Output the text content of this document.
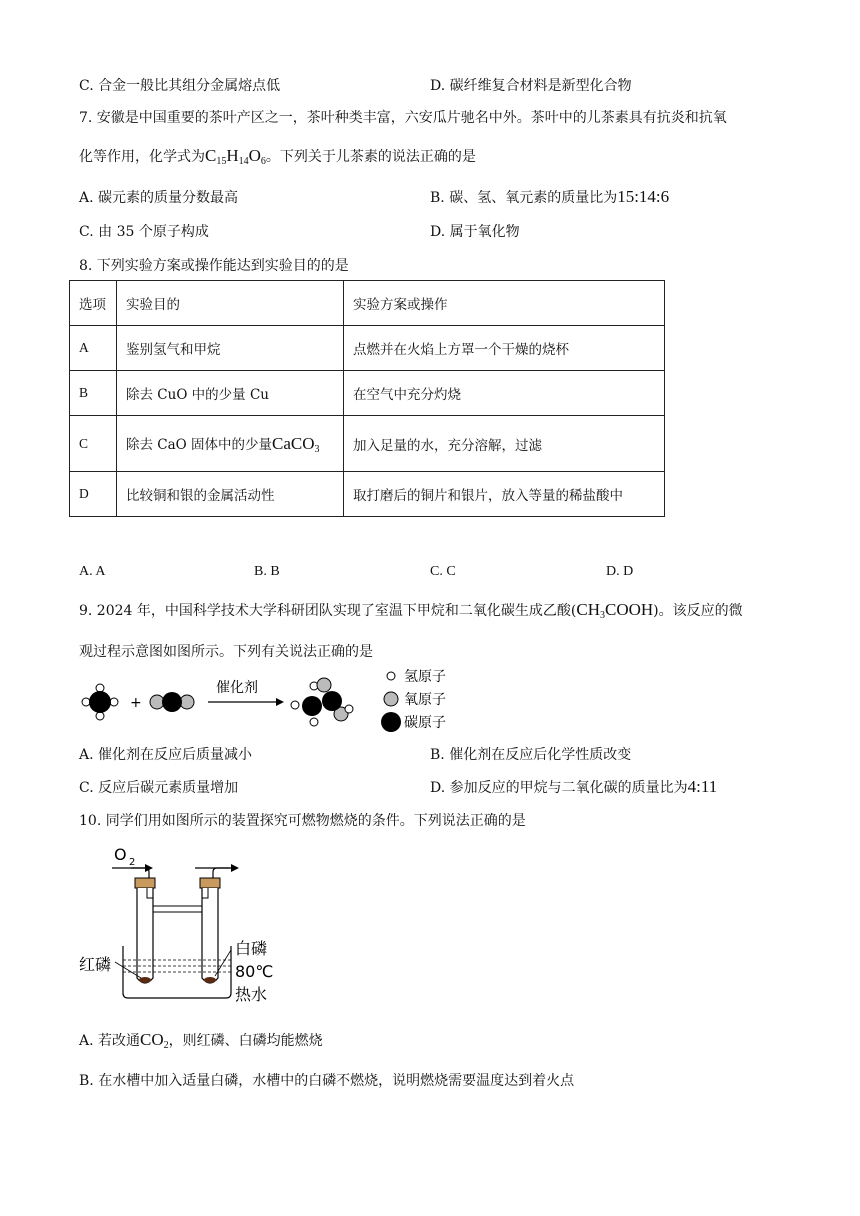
C. 合金一般比其组分金属熔点低	D. 碳纤维复合材料是新型化合物
7. 安徽是中国重要的茶叶产区之一，茶叶种类丰富，六安瓜片驰名中外。茶叶中的儿茶素具有抗炎和抗氧
化等作用，化学式为$C_{15}H_{14}O_6$。下列关于儿茶素的说法正确的是
A. 碳元素的质量分数最高	B. 碳、氢、氧元素的质量比为15:14:6
C. 由 35 个原子构成	D. 属于氧化物
8. 下列实验方案或操作能达到实验目的的是
选项	实验目的	实验方案或操作
A	鉴别氢气和甲烷	点燃并在火焰上方罩一个干燥的烧杯
B	除去 CuO 中的少量 Cu	在空气中充分灼烧
C	除去 CaO 固体中的少量CaCO$_3$	加入足量的水，充分溶解，过滤
D	比较铜和银的金属活动性	取打磨后的铜片和银片，放入等量的稀盐酸中
A. A	B. B	C. C	D. D
9. 2024 年，中国科学技术大学科研团队实现了室温下甲烷和二氧化碳生成乙酸$(CH_3COOH)$。该反应的微
观过程示意图如图所示。下列有关说法正确的是
+
催化剂
氢原子
氧原子
碳原子
A. 催化剂在反应后质量减小	B. 催化剂在反应后化学性质改变
C. 反应后碳元素质量增加	D. 参加反应的甲烷与二氧化碳的质量比为4:11
10. 同学们用如图所示的装置探究可燃物燃烧的条件。下列说法正确的是
O 2
白磷
红磷	80℃
热水
A. 若改通$CO_2$，则红磷、白磷均能燃烧
B. 在水槽中加入适量白磷，水槽中的白磷不燃烧，说明燃烧需要温度达到着火点
